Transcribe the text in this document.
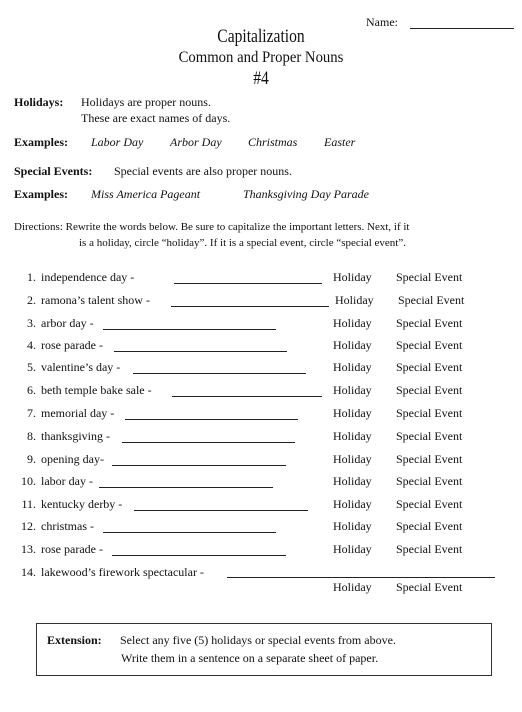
Name:
Capitalization
Common and Proper Nouns
#4
Holidays: Holidays are proper nouns.
These are exact names of days.
Examples: Labor Day Arbor Day Christmas Easter
Special Events: Special events are also proper nouns.
Examples: Miss America Pageant	Thanksgiving Day Parade
Directions: Rewrite the words below. Be sure to capitalize the important letters. Next, if it
is a holiday, circle “holiday”. If it is a special event, circle “special event”.
1. independence day -	Holiday Special Event
2. ramona’s talent show -	Holiday Special Event
3. arbor day -	Holiday Special Event
4. rose parade -	Holiday Special Event
5. valentine’s day -	Holiday Special Event
6. beth temple bake sale -	Holiday Special Event
7. memorial day -	Holiday Special Event
8. thanksgiving -	Holiday Special Event
9. opening day-	Holiday Special Event
10. labor day -	Holiday Special Event
11. kentucky derby -	Holiday Special Event
12. christmas -	Holiday Special Event
13. rose parade -	Holiday Special Event
14. lakewood’s firework spectacular -
Holiday Special Event
Extension: Select any five (5) holidays or special events from above.
Write them in a sentence on a separate sheet of paper.
